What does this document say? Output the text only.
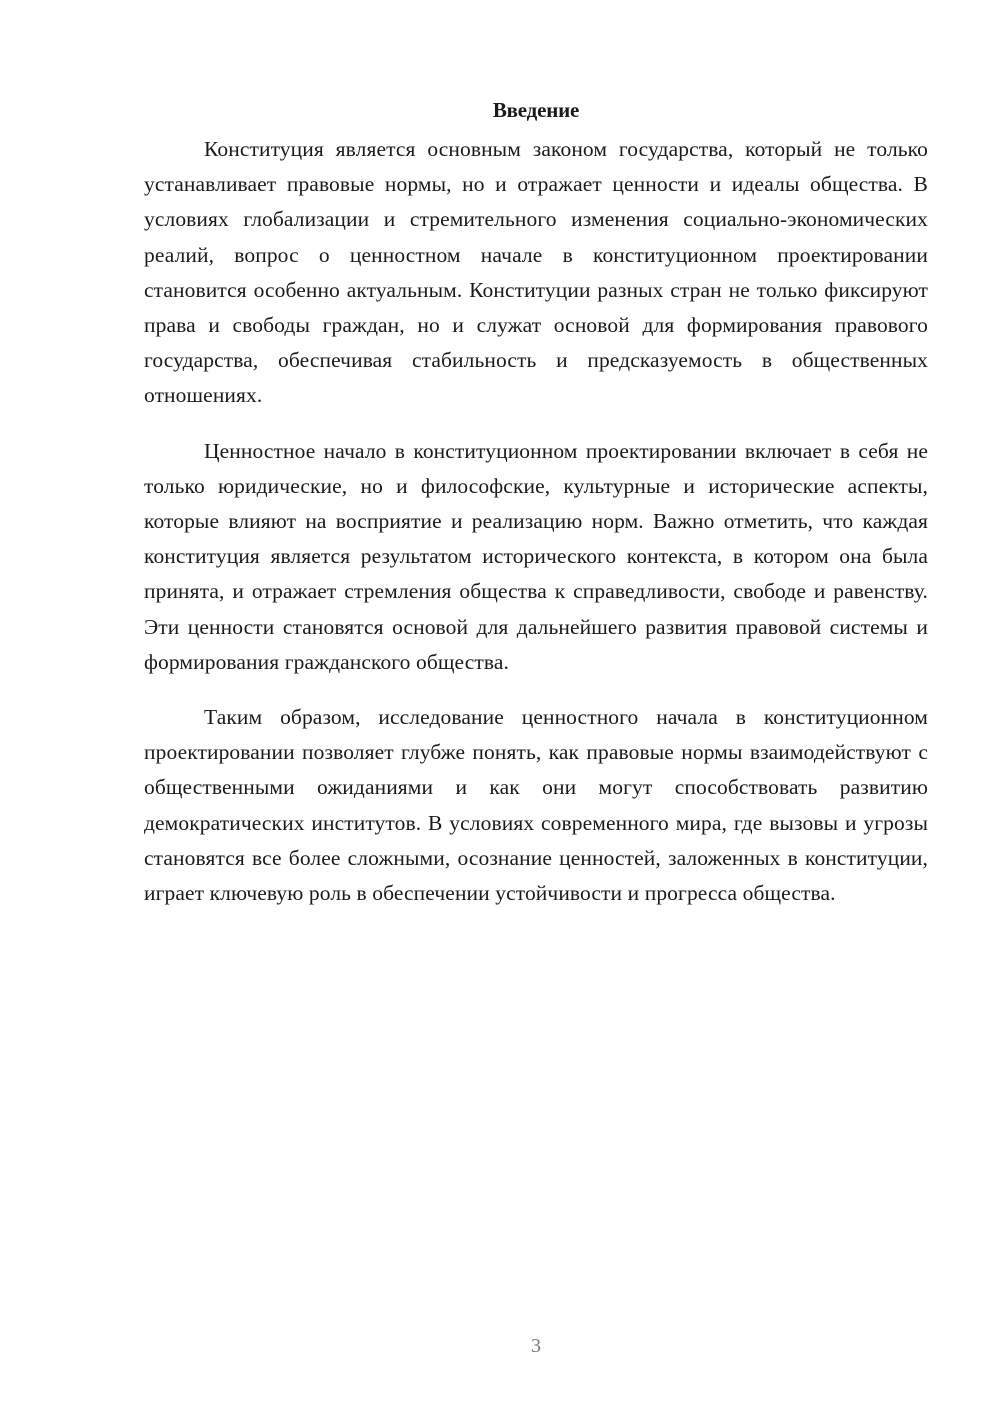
Введение

Конституция является основным законом государства, который не только устанавливает правовые нормы, но и отражает ценности и идеалы общества. В условиях глобализации и стремительного изменения социально-экономических реалий, вопрос о ценностном начале в конституционном проектировании становится особенно актуальным. Конституции разных стран не только фиксируют права и свободы граждан, но и служат основой для формирования правового государства, обеспечивая стабильность и предсказуемость в общественных отношениях.

Ценностное начало в конституционном проектировании включает в себя не только юридические, но и философские, культурные и исторические аспекты, которые влияют на восприятие и реализацию норм. Важно отметить, что каждая конституция является результатом исторического контекста, в котором она была принята, и отражает стремления общества к справедливости, свободе и равенству. Эти ценности становятся основой для дальнейшего развития правовой системы и формирования гражданского общества.

Таким образом, исследование ценностного начала в конституционном проектировании позволяет глубже понять, как правовые нормы взаимодействуют с общественными ожиданиями и как они могут способствовать развитию демократических институтов. В условиях современного мира, где вызовы и угрозы становятся все более сложными, осознание ценностей, заложенных в конституции, играет ключевую роль в обеспечении устойчивости и прогресса общества.

3
